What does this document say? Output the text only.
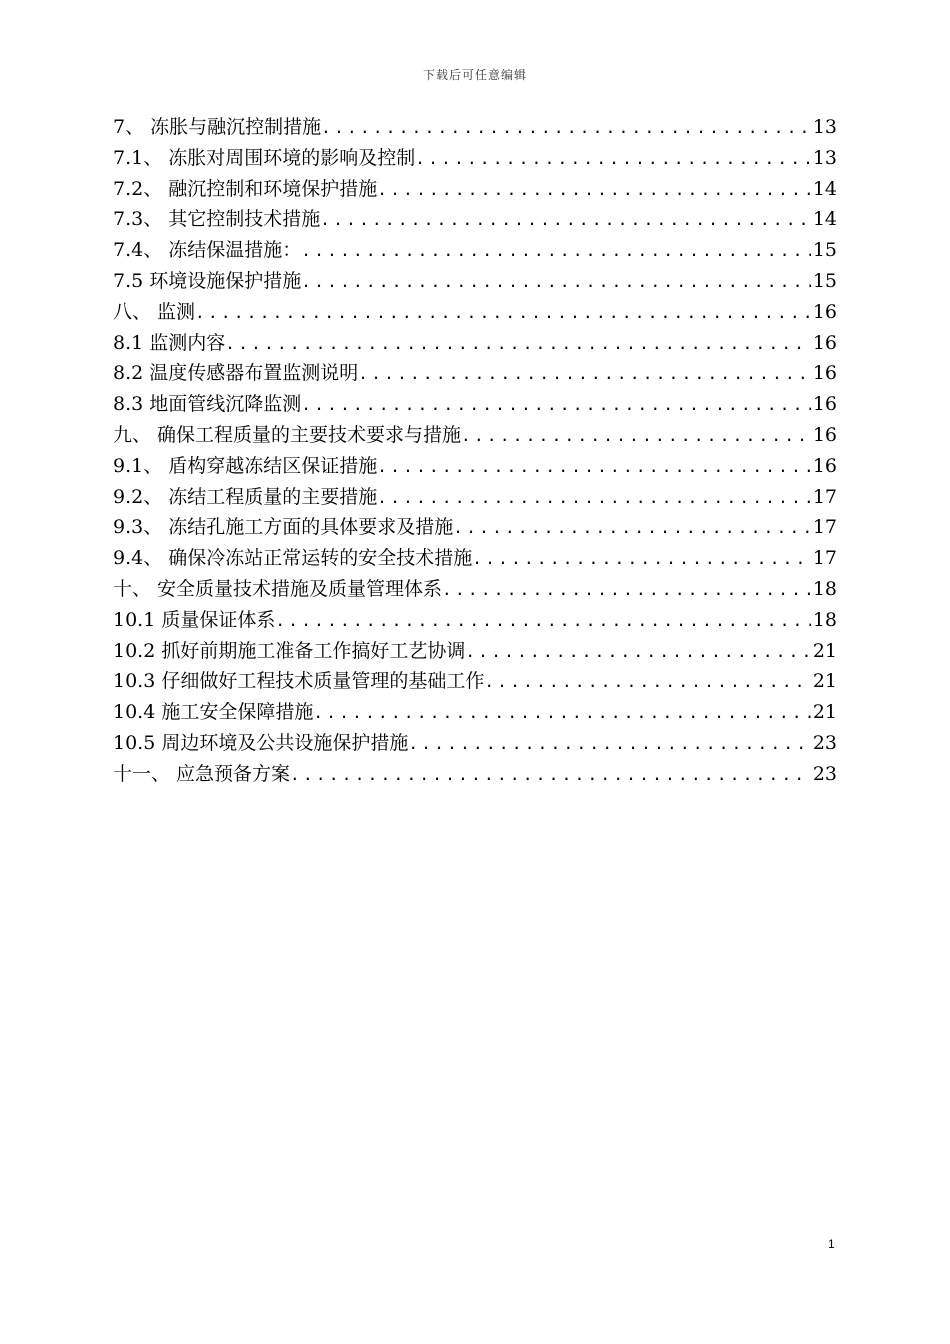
下载后可任意编辑
7、 冻胀与融沉控制措施 .....	13
7.1、 冻胀对周围环境的影响及控制 .....	13
7.2、 融沉控制和环境保护措施 .....	14
7.3、 其它控制技术措施 .....	14
7.4、 冻结保温措施： .....	15
7.5 环境设施保护措施 .....	15
八、 监测 .....	16
8.1 监测内容 .....	16
8.2 温度传感器布置监测说明 .....	16
8.3 地面管线沉降监测 .....	16
九、 确保工程质量的主要技术要求与措施 .....	16
9.1、 盾构穿越冻结区保证措施 .....	16
9.2、 冻结工程质量的主要措施 .....	17
9.3、 冻结孔施工方面的具体要求及措施 .....	17
9.4、 确保冷冻站正常运转的安全技术措施 .....	17
十、 安全质量技术措施及质量管理体系 .....	18
10.1 质量保证体系 .....	18
10.2 抓好前期施工准备工作搞好工艺协调 .....	21
10.3 仔细做好工程技术质量管理的基础工作 .....	21
10.4 施工安全保障措施 .....	21
10.5 周边环境及公共设施保护措施 .....	23
十一、 应急预备方案 .....	23
1
